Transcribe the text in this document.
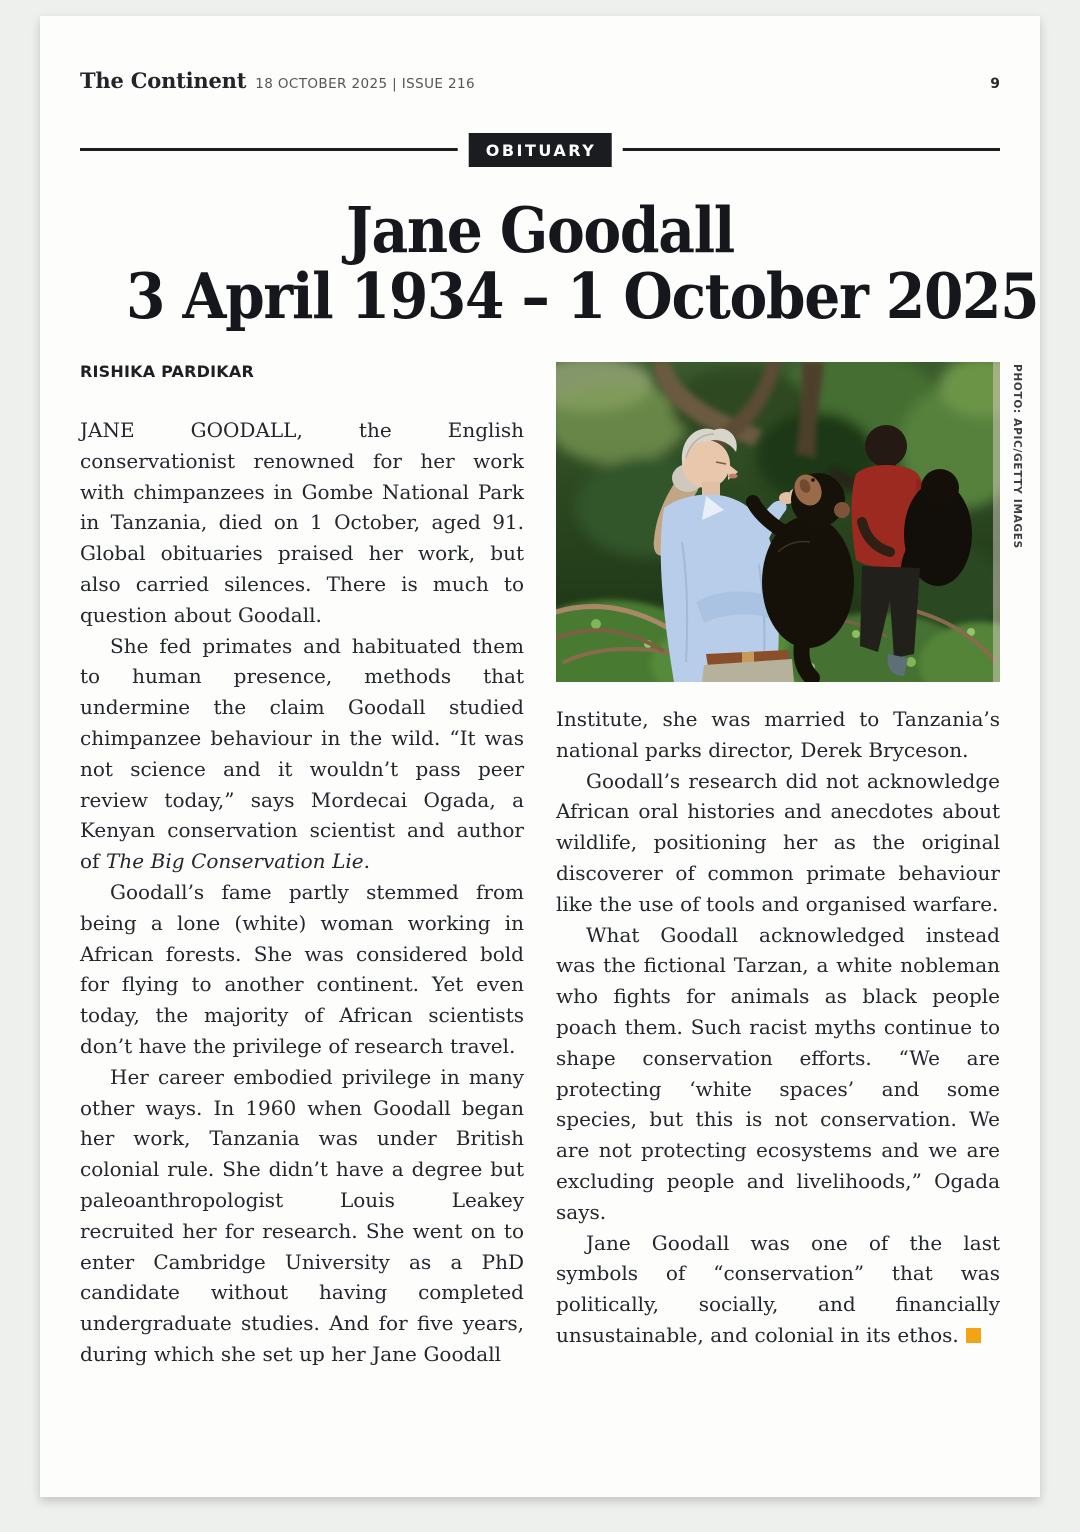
The Continent 18 OCTOBER 2025 | ISSUE 216	9
OBITUARY
Jane Goodall
3 April 1934 – 1 October 2025
RISHIKA PARDIKAR

JANE GOODALL, the English conservationist renowned for her work with chimpanzees in Gombe National Park in Tanzania, died on 1 October, aged 91. Global obituaries praised her work, but also carried silences. There is much to question about Goodall.

She fed primates and habituated them to human presence, methods that undermine the claim Goodall studied chimpanzee behaviour in the wild. “It was not science and it wouldn’t pass peer review today,” says Mordecai Ogada, a Kenyan conservation scientist and author of The Big Conservation Lie.

Goodall’s fame partly stemmed from being a lone (white) woman working in African forests. She was considered bold for flying to another continent. Yet even today, the majority of African scientists don’t have the privilege of research travel.

Her career embodied privilege in many other ways. In 1960 when Goodall began her work, Tanzania was under British colonial rule. She didn’t have a degree but paleoanthropologist Louis Leakey recruited her for research. She went on to enter Cambridge University as a PhD candidate without having completed undergraduate studies. And for five years, during which she set up her Jane Goodall

PHOTO: APIC/GETTY IMAGES

Institute, she was married to Tanzania’s national parks director, Derek Bryceson.

Goodall’s research did not acknowledge African oral histories and anecdotes about wildlife, positioning her as the original discoverer of common primate behaviour like the use of tools and organised warfare.

What Goodall acknowledged instead was the fictional Tarzan, a white nobleman who fights for animals as black people poach them. Such racist myths continue to shape conservation efforts. “We are protecting ‘white spaces’ and some species, but this is not conservation. We are not protecting ecosystems and we are excluding people and livelihoods,” Ogada says.

Jane Goodall was one of the last symbols of “conservation” that was politically, socially, and financially unsustainable, and colonial in its ethos.
